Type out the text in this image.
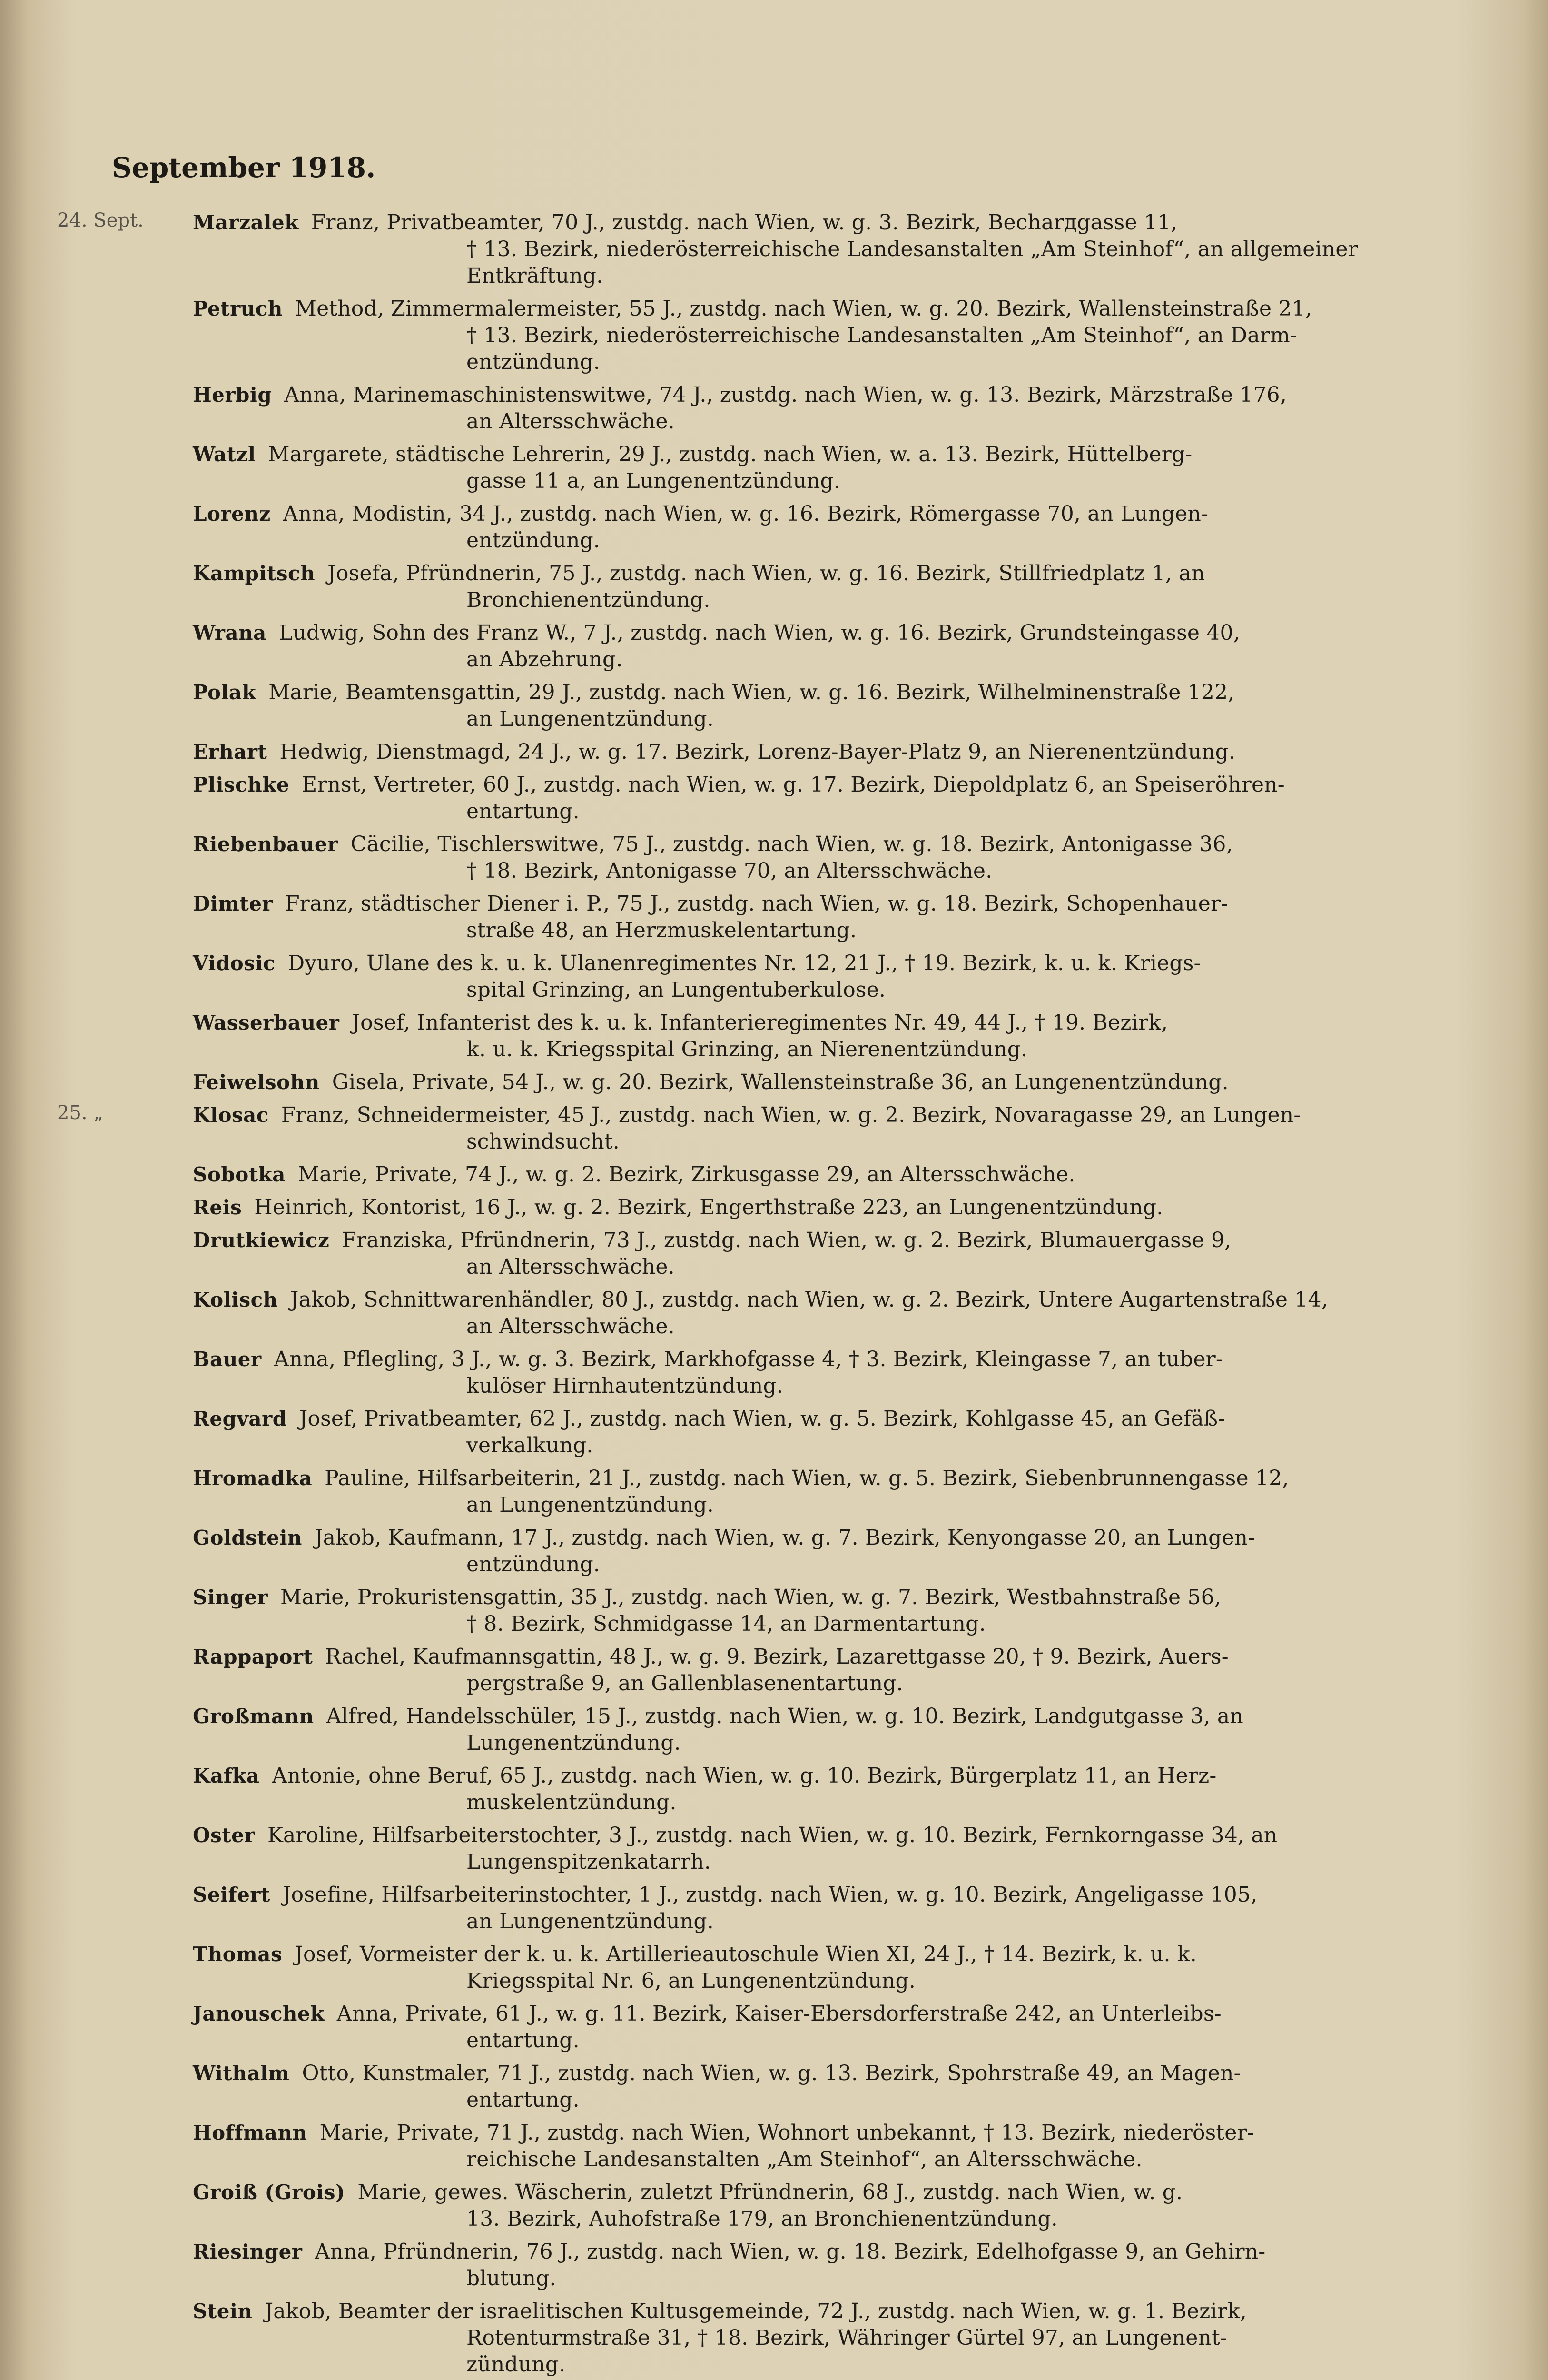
September 1918.
24. Sept.	Marzalek Franz, Privatbeamter, 70 J., zustdg. nach Wien, w. g. 3. Bezirk, Becharдgasse 11,
† 13. Bezirk, niederösterreichische Landesanstalten „Am Steinhof“, an allgemeiner
Entkräftung.
Petruch Method, Zimmermalermeister, 55 J., zustdg. nach Wien, w. g. 20. Bezirk, Wallensteinstraße 21,
† 13. Bezirk, niederösterreichische Landesanstalten „Am Steinhof“, an Darm-
entzündung.
Herbig Anna, Marinemaschinistenswitwe, 74 J., zustdg. nach Wien, w. g. 13. Bezirk, Märzstraße 176,
an Altersschwäche.
Watzl Margarete, städtische Lehrerin, 29 J., zustdg. nach Wien, w. a. 13. Bezirk, Hüttelberg-
gasse 11 a, an Lungenentzündung.
Lorenz Anna, Modistin, 34 J., zustdg. nach Wien, w. g. 16. Bezirk, Römergasse 70, an Lungen-
entzündung.
Kampitsch Josefa, Pfründnerin, 75 J., zustdg. nach Wien, w. g. 16. Bezirk, Stillfriedplatz 1, an
Bronchienentzündung.
Wrana Ludwig, Sohn des Franz W., 7 J., zustdg. nach Wien, w. g. 16. Bezirk, Grundsteingasse 40,
an Abzehrung.
Polak Marie, Beamtensgattin, 29 J., zustdg. nach Wien, w. g. 16. Bezirk, Wilhelminenstraße 122,
an Lungenentzündung.
Erhart Hedwig, Dienstmagd, 24 J., w. g. 17. Bezirk, Lorenz-Bayer-Platz 9, an Nierenentzündung.
Plischke Ernst, Vertreter, 60 J., zustdg. nach Wien, w. g. 17. Bezirk, Diepoldplatz 6, an Speiseröhren-
entartung.
Riebenbauer Cäcilie, Tischlerswitwe, 75 J., zustdg. nach Wien, w. g. 18. Bezirk, Antonigasse 36,
† 18. Bezirk, Antonigasse 70, an Altersschwäche.
Dimter Franz, städtischer Diener i. P., 75 J., zustdg. nach Wien, w. g. 18. Bezirk, Schopenhauer-
straße 48, an Herzmuskelentartung.
Vidosic Dyuro, Ulane des k. u. k. Ulanenregimentes Nr. 12, 21 J., † 19. Bezirk, k. u. k. Kriegs-
spital Grinzing, an Lungentuberkulose.
Wasserbauer Josef, Infanterist des k. u. k. Infanterieregimentes Nr. 49, 44 J., † 19. Bezirk,
k. u. k. Kriegsspital Grinzing, an Nierenentzündung.
Feiwelsohn Gisela, Private, 54 J., w. g. 20. Bezirk, Wallensteinstraße 36, an Lungenentzündung.
25. „	Klosac Franz, Schneidermeister, 45 J., zustdg. nach Wien, w. g. 2. Bezirk, Novaragasse 29, an Lungen-
schwindsucht.
Sobotka Marie, Private, 74 J., w. g. 2. Bezirk, Zirkusgasse 29, an Altersschwäche.
Reis Heinrich, Kontorist, 16 J., w. g. 2. Bezirk, Engerthstraße 223, an Lungenentzündung.
Drutkiewicz Franziska, Pfründnerin, 73 J., zustdg. nach Wien, w. g. 2. Bezirk, Blumauergasse 9,
an Altersschwäche.
Kolisch Jakob, Schnittwarenhändler, 80 J., zustdg. nach Wien, w. g. 2. Bezirk, Untere Augartenstraße 14,
an Altersschwäche.
Bauer Anna, Pflegling, 3 J., w. g. 3. Bezirk, Markhofgasse 4, † 3. Bezirk, Kleingasse 7, an tuber-
kulöser Hirnhautentzündung.
Regvard Josef, Privatbeamter, 62 J., zustdg. nach Wien, w. g. 5. Bezirk, Kohlgasse 45, an Gefäß-
verkalkung.
Hromadka Pauline, Hilfsarbeiterin, 21 J., zustdg. nach Wien, w. g. 5. Bezirk, Siebenbrunnengasse 12,
an Lungenentzündung.
Goldstein Jakob, Kaufmann, 17 J., zustdg. nach Wien, w. g. 7. Bezirk, Kenyongasse 20, an Lungen-
entzündung.
Singer Marie, Prokuristensgattin, 35 J., zustdg. nach Wien, w. g. 7. Bezirk, Westbahnstraße 56,
† 8. Bezirk, Schmidgasse 14, an Darmentartung.
Rappaport Rachel, Kaufmannsgattin, 48 J., w. g. 9. Bezirk, Lazarettgasse 20, † 9. Bezirk, Auers-
pergstraße 9, an Gallenblasenentartung.
Großmann Alfred, Handelsschüler, 15 J., zustdg. nach Wien, w. g. 10. Bezirk, Landgutgasse 3, an
Lungenentzündung.
Kafka Antonie, ohne Beruf, 65 J., zustdg. nach Wien, w. g. 10. Bezirk, Bürgerplatz 11, an Herz-
muskelentzündung.
Oster Karoline, Hilfsarbeiterstochter, 3 J., zustdg. nach Wien, w. g. 10. Bezirk, Fernkorngasse 34, an
Lungenspitzenkatarrh.
Seifert Josefine, Hilfsarbeiterinstochter, 1 J., zustdg. nach Wien, w. g. 10. Bezirk, Angeligasse 105,
an Lungenentzündung.
Thomas Josef, Vormeister der k. u. k. Artillerieautoschule Wien XI, 24 J., † 14. Bezirk, k. u. k.
Kriegsspital Nr. 6, an Lungenentzündung.
Janouschek Anna, Private, 61 J., w. g. 11. Bezirk, Kaiser-Ebersdorferstraße 242, an Unterleibs-
entartung.
Withalm Otto, Kunstmaler, 71 J., zustdg. nach Wien, w. g. 13. Bezirk, Spohrstraße 49, an Magen-
entartung.
Hoffmann Marie, Private, 71 J., zustdg. nach Wien, Wohnort unbekannt, † 13. Bezirk, niederöster-
reichische Landesanstalten „Am Steinhof“, an Altersschwäche.
Groiß (Grois) Marie, gewes. Wäscherin, zuletzt Pfründnerin, 68 J., zustdg. nach Wien, w. g.
13. Bezirk, Auhofstraße 179, an Bronchienentzündung.
Riesinger Anna, Pfründnerin, 76 J., zustdg. nach Wien, w. g. 18. Bezirk, Edelhofgasse 9, an Gehirn-
blutung.
Stein Jakob, Beamter der israelitischen Kultusgemeinde, 72 J., zustdg. nach Wien, w. g. 1. Bezirk,
Rotenturmstraße 31, † 18. Bezirk, Währinger Gürtel 97, an Lungenent-
zündung.
